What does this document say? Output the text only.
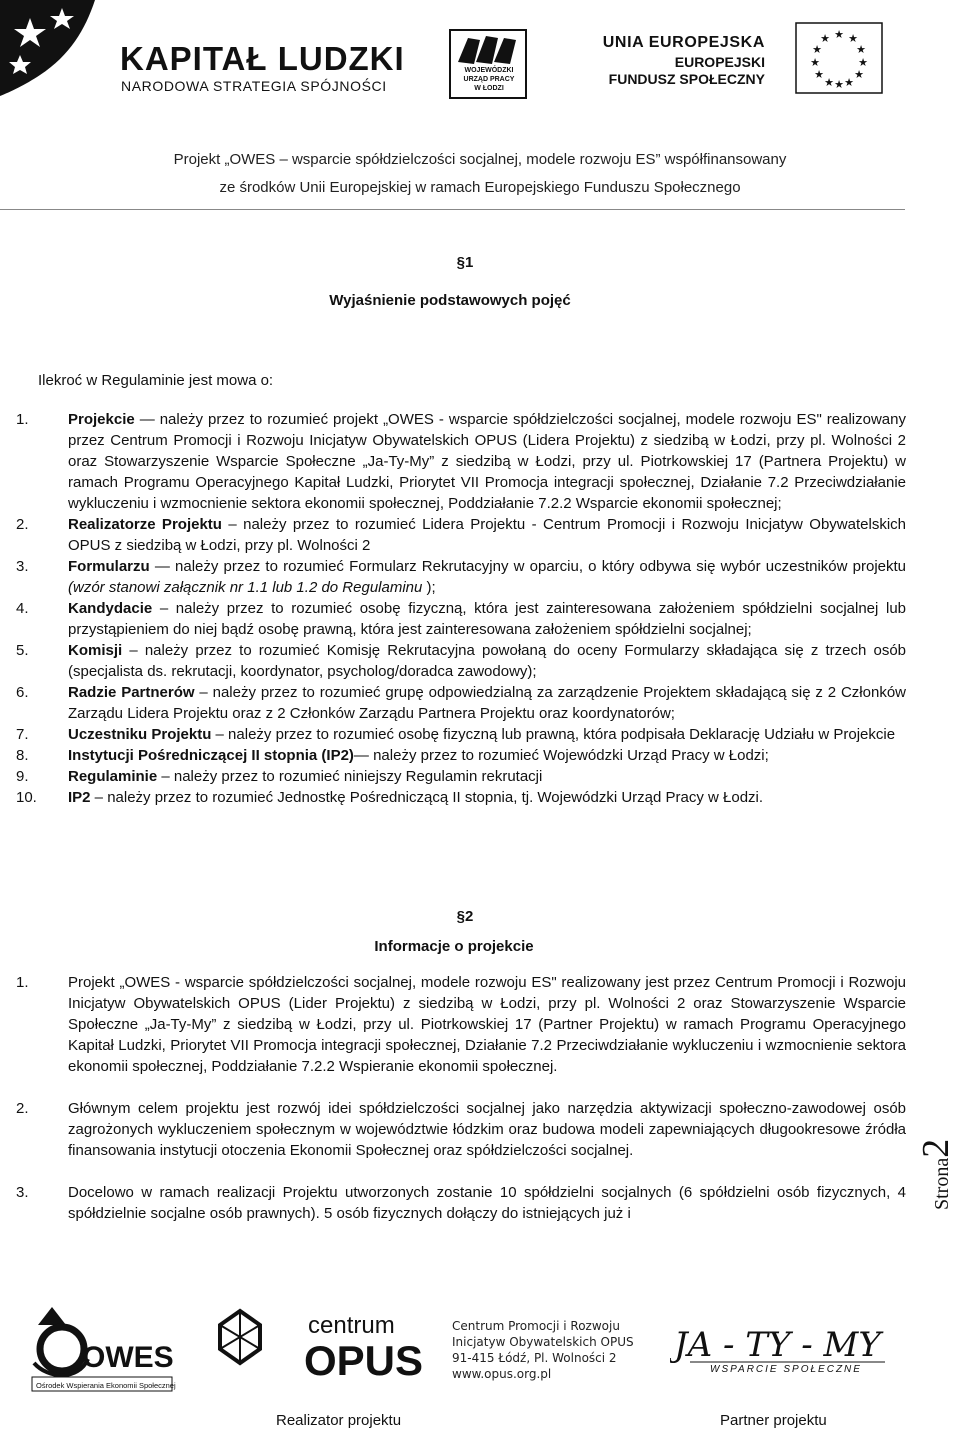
KAPITAŁ LUDZKI
NARODOWA STRATEGIA SPÓJNOŚCI
WOJEWÓDZKI
URZĄD PRACY
W ŁODZI
UNIA EUROPEJSKA
EUROPEJSKI
FUNDUSZ SPOŁECZNY
★ ★
★
★
★
★
★
★
★
★
★
★
Projekt „OWES – wsparcie spółdzielczości socjalnej, modele rozwoju ES” współfinansowany
ze środków Unii Europejskiej w ramach Europejskiego Funduszu Społecznego
§1
Wyjaśnienie podstawowych pojęć
Ilekroć w Regulaminie jest mowa o:
1.	Projekcie ― należy przez to rozumieć projekt „OWES - wsparcie spółdzielczości socjalnej, modele rozwoju ES" realizowany przez Centrum Promocji i Rozwoju Inicjatyw Obywatelskich OPUS (Lidera Projektu) z siedzibą w Łodzi, przy pl. Wolności 2 oraz Stowarzyszenie Wsparcie Społeczne „Ja-Ty-My” z siedzibą w Łodzi, przy ul. Piotrkowskiej 17 (Partnera Projektu) w ramach Programu Operacyjnego Kapitał Ludzki, Priorytet VII Promocja integracji społecznej, Działanie 7.2 Przeciwdziałanie wykluczeniu i wzmocnienie sektora ekonomii społecznej, Poddziałanie 7.2.2 Wsparcie ekonomii społecznej;
2.	Realizatorze Projektu – należy przez to rozumieć Lidera Projektu - Centrum Promocji i Rozwoju Inicjatyw Obywatelskich OPUS z siedzibą w Łodzi, przy pl. Wolności 2
3.	Formularzu ― należy przez to rozumieć Formularz Rekrutacyjny w oparciu, o który odbywa się wybór uczestników projektu (wzór stanowi załącznik nr 1.1 lub 1.2 do Regulaminu );
4.	Kandydacie – należy przez to rozumieć osobę fizyczną, która jest zainteresowana założeniem spółdzielni socjalnej lub przystąpieniem do niej bądź osobę prawną, która jest zainteresowana założeniem spółdzielni socjalnej;
5.	Komisji – należy przez to rozumieć Komisję Rekrutacyjna powołaną do oceny Formularzy składająca się z trzech osób (specjalista ds. rekrutacji, koordynator, psycholog/doradca zawodowy);
6.	Radzie Partnerów – należy przez to rozumieć grupę odpowiedzialną za zarządzenie Projektem składającą się z 2 Członków Zarządu Lidera Projektu oraz z 2 Członków Zarządu Partnera Projektu oraz koordynatorów;
7.	Uczestniku Projektu – należy przez to rozumieć osobę fizyczną lub prawną, która podpisała Deklarację Udziału w Projekcie
8.	Instytucji Pośredniczącej II stopnia (IP2)― należy przez to rozumieć Wojewódzki Urząd Pracy w Łodzi;
9.	Regulaminie – należy przez to rozumieć niniejszy Regulamin rekrutacji
10.	IP2 – należy przez to rozumieć Jednostkę Pośredniczącą II stopnia, tj. Wojewódzki Urząd Pracy w Łodzi.
§2
Informacje o projekcie
1.	Projekt „OWES - wsparcie spółdzielczości socjalnej, modele rozwoju ES" realizowany jest przez Centrum Promocji i Rozwoju Inicjatyw Obywatelskich OPUS (Lider Projektu) z siedzibą w Łodzi, przy pl. Wolności 2 oraz Stowarzyszenie Wsparcie Społeczne „Ja-Ty-My” z siedzibą w Łodzi, przy ul. Piotrkowskiej 17 (Partner Projektu) w ramach Programu Operacyjnego Kapitał Ludzki, Priorytet VII Promocja integracji społecznej, Działanie 7.2 Przeciwdziałanie wykluczeniu i wzmocnienie sektora ekonomii społecznej, Poddziałanie 7.2.2 Wspieranie ekonomii społecznej.
2.	Głównym celem projektu jest rozwój idei spółdzielczości socjalnej jako narzędzia aktywizacji społeczno-zawodowej osób zagrożonych wykluczeniem społecznym w województwie łódzkim oraz budowa modeli zapewniających długookresowe źródła finansowania instytucji otoczenia Ekonomii Społecznej oraz spółdzielczości socjalnej.
3.	Docelowo w ramach realizacji Projektu utworzonych zostanie 10 spółdzielni socjalnych (6 spółdzielni osób fizycznych, 4 spółdzielnie socjalne osób prawnych). 5 osób fizycznych dołączy do istniejących już i
Strona2
OWES
Ośrodek Wspierania Ekonomii Społecznej
centrum
OPUS
Centrum Promocji i Rozwoju
Inicjatyw Obywatelskich OPUS
91-415 Łódź, Pl. Wolności 2
www.opus.org.pl
JA - TY - MY
WSPARCIE SPOŁECZNE
Realizator projektu	Partner projektu
